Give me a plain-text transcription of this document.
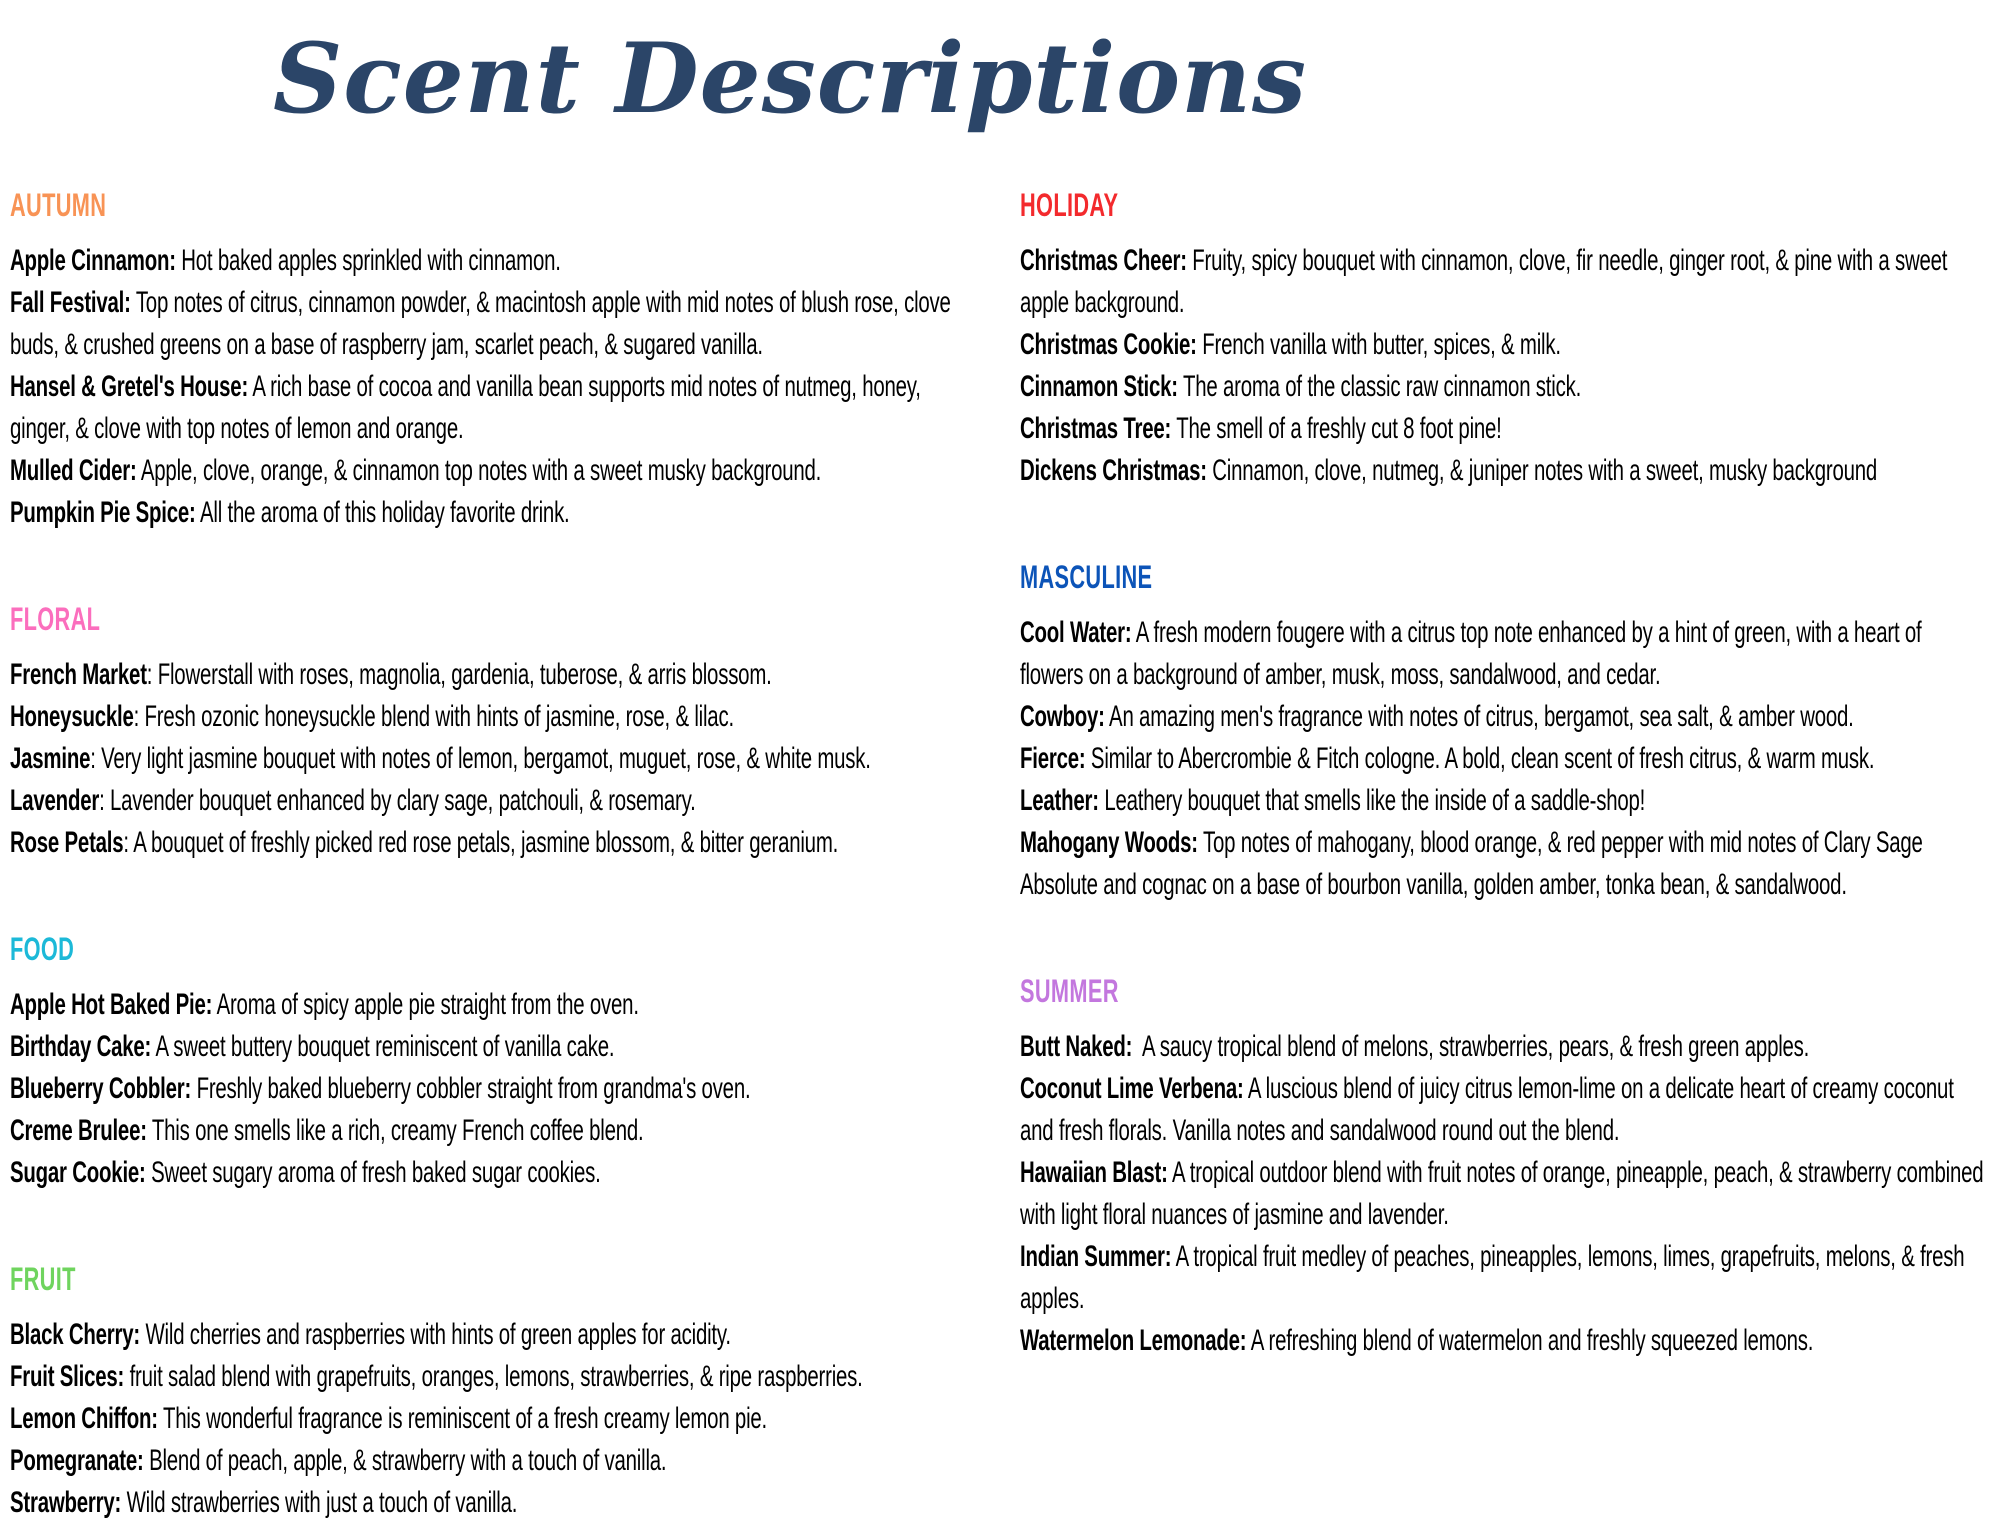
Scent Descriptions
AUTUMN

Apple Cinnamon: Hot baked apples sprinkled with cinnamon.

Fall Festival: Top notes of citrus, cinnamon powder, & macintosh apple with mid notes of blush rose, clove buds, & crushed greens on a base of raspberry jam, scarlet peach, & sugared vanilla.

Hansel & Gretel's House: A rich base of cocoa and vanilla bean supports mid notes of nutmeg, honey, ginger, & clove with top notes of lemon and orange.

Mulled Cider: Apple, clove, orange, & cinnamon top notes with a sweet musky background.

Pumpkin Pie Spice: All the aroma of this holiday favorite drink.

FLORAL

French Market: Flowerstall with roses, magnolia, gardenia, tuberose, & arris blossom.

Honeysuckle: Fresh ozonic honeysuckle blend with hints of jasmine, rose, & lilac.

Jasmine: Very light jasmine bouquet with notes of lemon, bergamot, muguet, rose, & white musk.

Lavender: Lavender bouquet enhanced by clary sage, patchouli, & rosemary.

Rose Petals: A bouquet of freshly picked red rose petals, jasmine blossom, & bitter geranium.

FOOD

Apple Hot Baked Pie: Aroma of spicy apple pie straight from the oven.

Birthday Cake: A sweet buttery bouquet reminiscent of vanilla cake.

Blueberry Cobbler: Freshly baked blueberry cobbler straight from grandma's oven.

Creme Brulee: This one smells like a rich, creamy French coffee blend.

Sugar Cookie: Sweet sugary aroma of fresh baked sugar cookies.

FRUIT

Black Cherry: Wild cherries and raspberries with hints of green apples for acidity.

Fruit Slices: fruit salad blend with grapefruits, oranges, lemons, strawberries, & ripe raspberries.

Lemon Chiffon: This wonderful fragrance is reminiscent of a fresh creamy lemon pie.

Pomegranate: Blend of peach, apple, & strawberry with a touch of vanilla.

Strawberry: Wild strawberries with just a touch of vanilla.

HOLIDAY

Christmas Cheer: Fruity, spicy bouquet with cinnamon, clove, fir needle, ginger root, & pine with a sweet apple background.

Christmas Cookie: French vanilla with butter, spices, & milk.

Cinnamon Stick: The aroma of the classic raw cinnamon stick.

Christmas Tree: The smell of a freshly cut 8 foot pine!

Dickens Christmas: Cinnamon, clove, nutmeg, & juniper notes with a sweet, musky background

MASCULINE

Cool Water: A fresh modern fougere with a citrus top note enhanced by a hint of green, with a heart of flowers on a background of amber, musk, moss, sandalwood, and cedar.

Cowboy: An amazing men's fragrance with notes of citrus, bergamot, sea salt, & amber wood.

Fierce: Similar to Abercrombie & Fitch cologne. A bold, clean scent of fresh citrus, & warm musk.

Leather: Leathery bouquet that smells like the inside of a saddle-shop!

Mahogany Woods: Top notes of mahogany, blood orange, & red pepper with mid notes of Clary Sage Absolute and cognac on a base of bourbon vanilla, golden amber, tonka bean, & sandalwood.

SUMMER

Butt Naked:  A saucy tropical blend of melons, strawberries, pears, & fresh green apples.

Coconut Lime Verbena: A luscious blend of juicy citrus lemon-lime on a delicate heart of creamy coconut and fresh florals. Vanilla notes and sandalwood round out the blend.

Hawaiian Blast: A tropical outdoor blend with fruit notes of orange, pineapple, peach, & strawberry combined with light floral nuances of jasmine and lavender.

Indian Summer: A tropical fruit medley of peaches, pineapples, lemons, limes, grapefruits, melons, & fresh apples.

Watermelon Lemonade: A refreshing blend of watermelon and freshly squeezed lemons.
